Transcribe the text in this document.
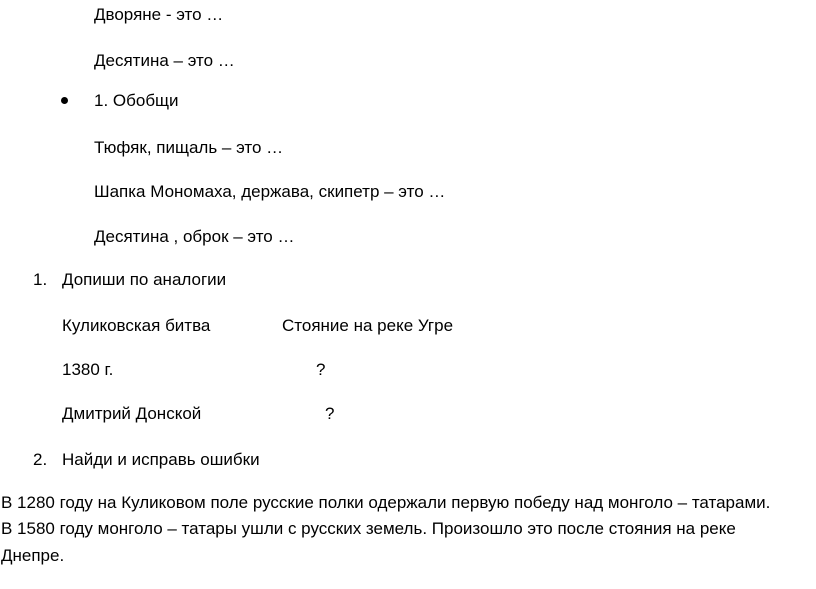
Дворяне - это …
Десятина – это …
1. Обобщи
Тюфяк, пищаль – это …
Шапка Мономаха, держава, скипетр – это …
Десятина , оброк – это …
1. Допиши по аналогии
Куликовская битва	Стояние на реке Угре
1380 г.	?
Дмитрий Донской	?
2. Найди и исправь ошибки
В 1280 году на Куликовом поле русские полки одержали первую победу над монголо – татарами.
В 1580 году монголо – татары ушли с русских земель. Произошло это после стояния на реке
Днепре.
